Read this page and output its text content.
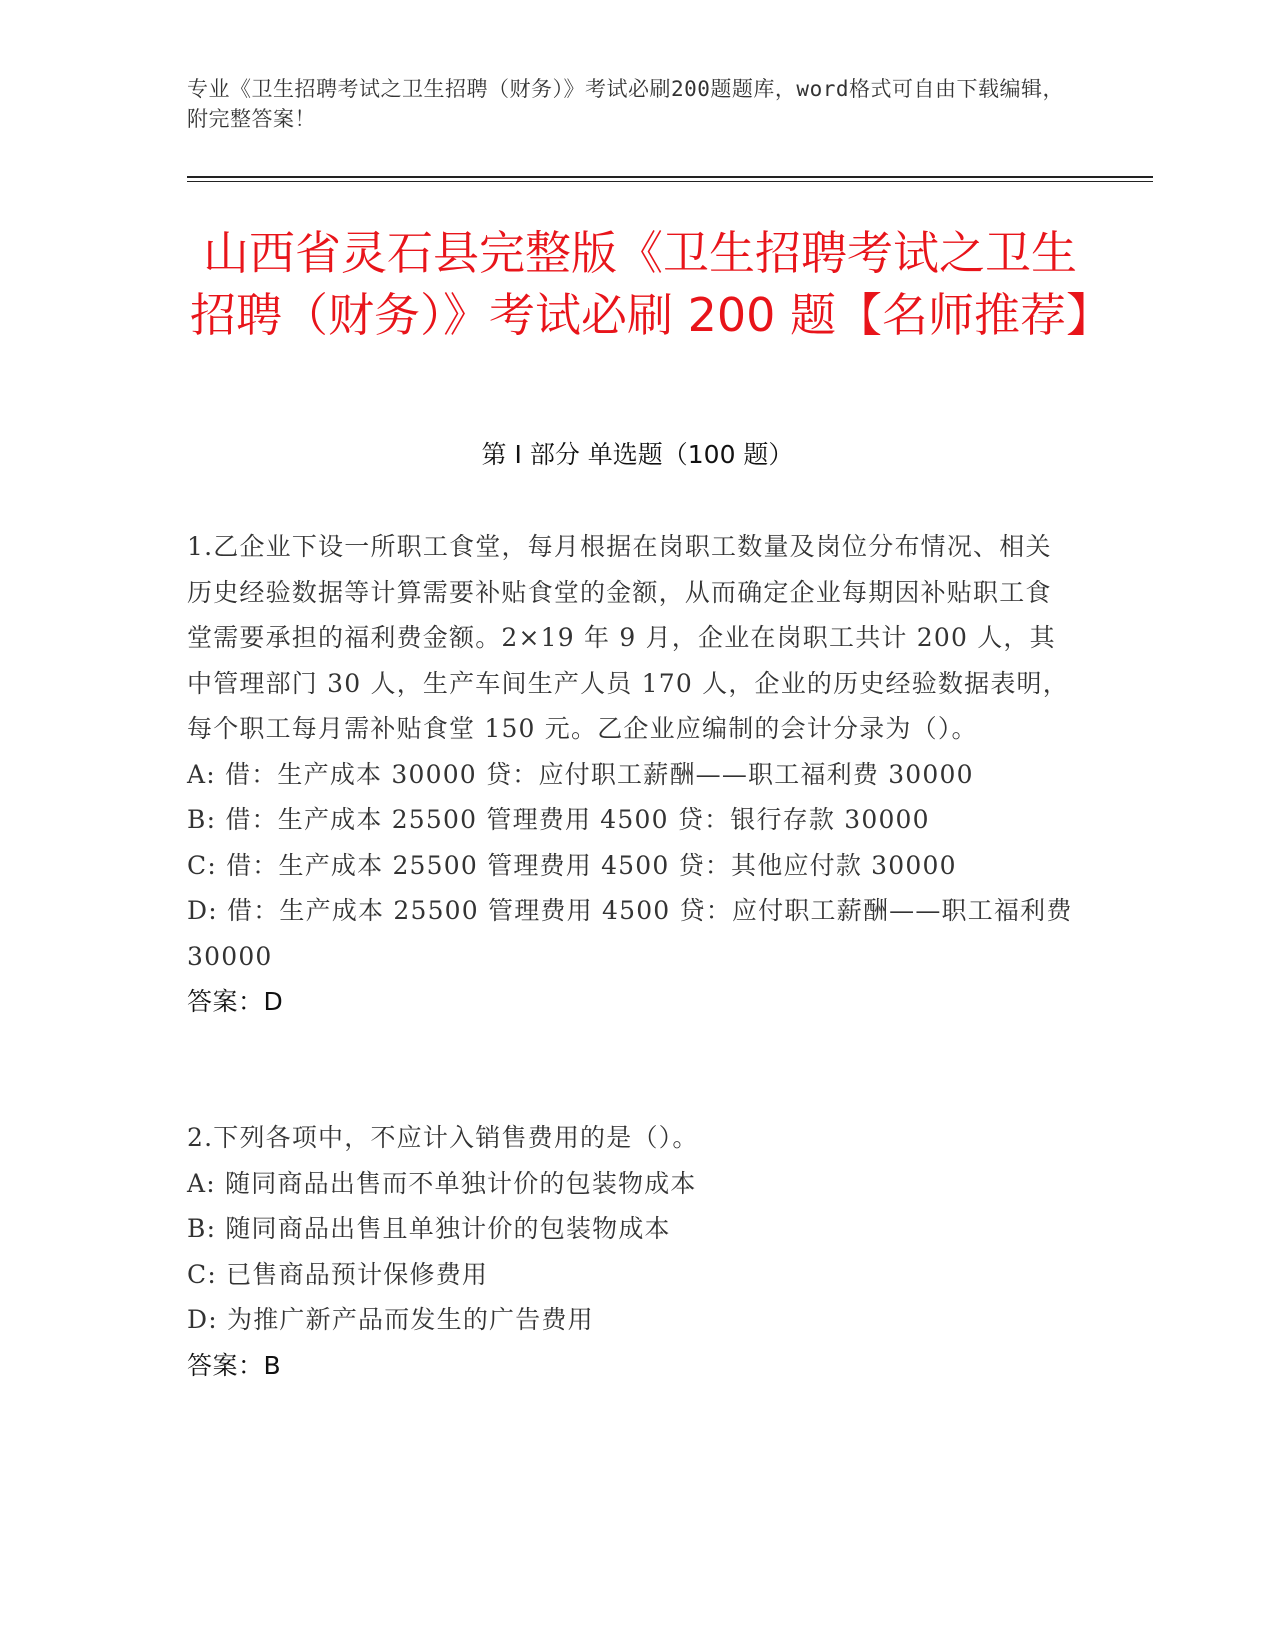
专业《卫生招聘考试之卫生招聘（财务）》考试必刷200题题库，word格式可自由下载编辑，附完整答案！
山西省灵石县完整版《卫生招聘考试之卫生招聘（财务）》考试必刷 200 题【名师推荐】
第 I 部分 单选题（100 题）
1.乙企业下设一所职工食堂，每月根据在岗职工数量及岗位分布情况、相关历史经验数据等计算需要补贴食堂的金额，从而确定企业每期因补贴职工食堂需要承担的福利费金额。2×19 年 9 月，企业在岗职工共计 200 人，其中管理部门 30 人，生产车间生产人员 170 人，企业的历史经验数据表明，每个职工每月需补贴食堂 150 元。乙企业应编制的会计分录为（）。
A: 借：生产成本 30000 贷：应付职工薪酬——职工福利费 30000
B: 借：生产成本 25500 管理费用 4500 贷：银行存款 30000
C: 借：生产成本 25500 管理费用 4500 贷：其他应付款 30000
D: 借：生产成本 25500 管理费用 4500 贷：应付职工薪酬——职工福利费 30000
答案：D
2.下列各项中，不应计入销售费用的是（）。
A: 随同商品出售而不单独计价的包装物成本
B: 随同商品出售且单独计价的包装物成本
C: 已售商品预计保修费用
D: 为推广新产品而发生的广告费用
答案：B
